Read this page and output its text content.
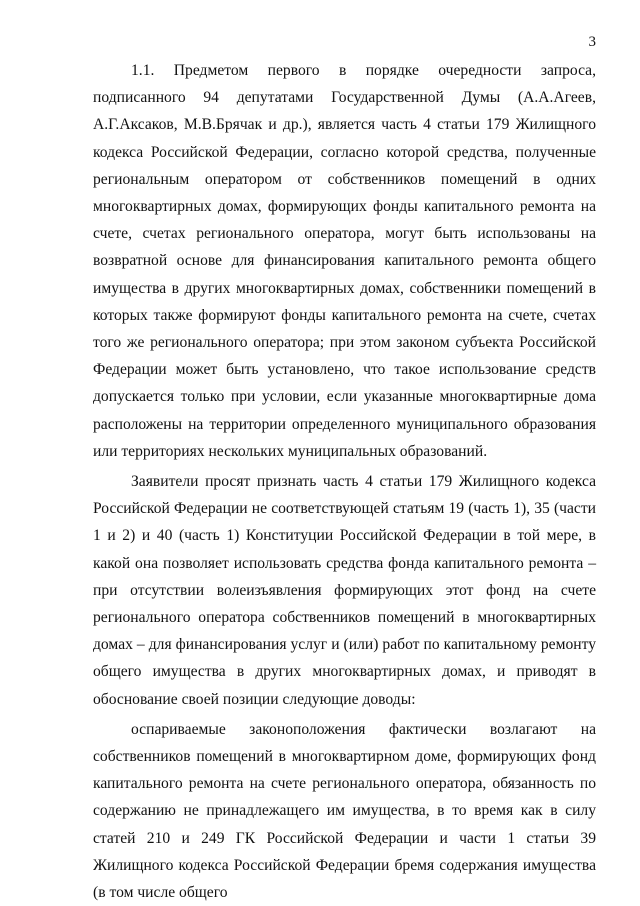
3

1.1. Предметом первого в порядке очередности запроса, подписанного 94 депутатами Государственной Думы (А.А.Агеев, А.Г.Аксаков, М.В.Брячак и др.), является часть 4 статьи 179 Жилищного кодекса Российской Федерации, согласно которой средства, полученные региональным оператором от собственников помещений в одних многоквартирных домах, формирующих фонды капитального ремонта на счете, счетах регионального оператора, могут быть использованы на возвратной основе для финансирования капитального ремонта общего имущества в других многоквартирных домах, собственники помещений в которых также формируют фонды капитального ремонта на счете, счетах того же регионального оператора; при этом законом субъекта Российской Федерации может быть установлено, что такое использование средств допускается только при условии, если указанные многоквартирные дома расположены на территории определенного муниципального образования или территориях нескольких муниципальных образований.

Заявители просят признать часть 4 статьи 179 Жилищного кодекса Российской Федерации не соответствующей статьям 19 (часть 1), 35 (части 1 и 2) и 40 (часть 1) Конституции Российской Федерации в той мере, в какой она позволяет использовать средства фонда капитального ремонта – при отсутствии волеизъявления формирующих этот фонд на счете регионального оператора собственников помещений в многоквартирных домах – для финансирования услуг и (или) работ по капитальному ремонту общего имущества в других многоквартирных домах, и приводят в обоснование своей позиции следующие доводы:

оспариваемые законоположения фактически возлагают на собственников помещений в многоквартирном доме, формирующих фонд капитального ремонта на счете регионального оператора, обязанность по содержанию не принадлежащего им имущества, в то время как в силу статей 210 и 249 ГК Российской Федерации и части 1 статьи 39 Жилищного кодекса Российской Федерации бремя содержания имущества (в том числе общего
